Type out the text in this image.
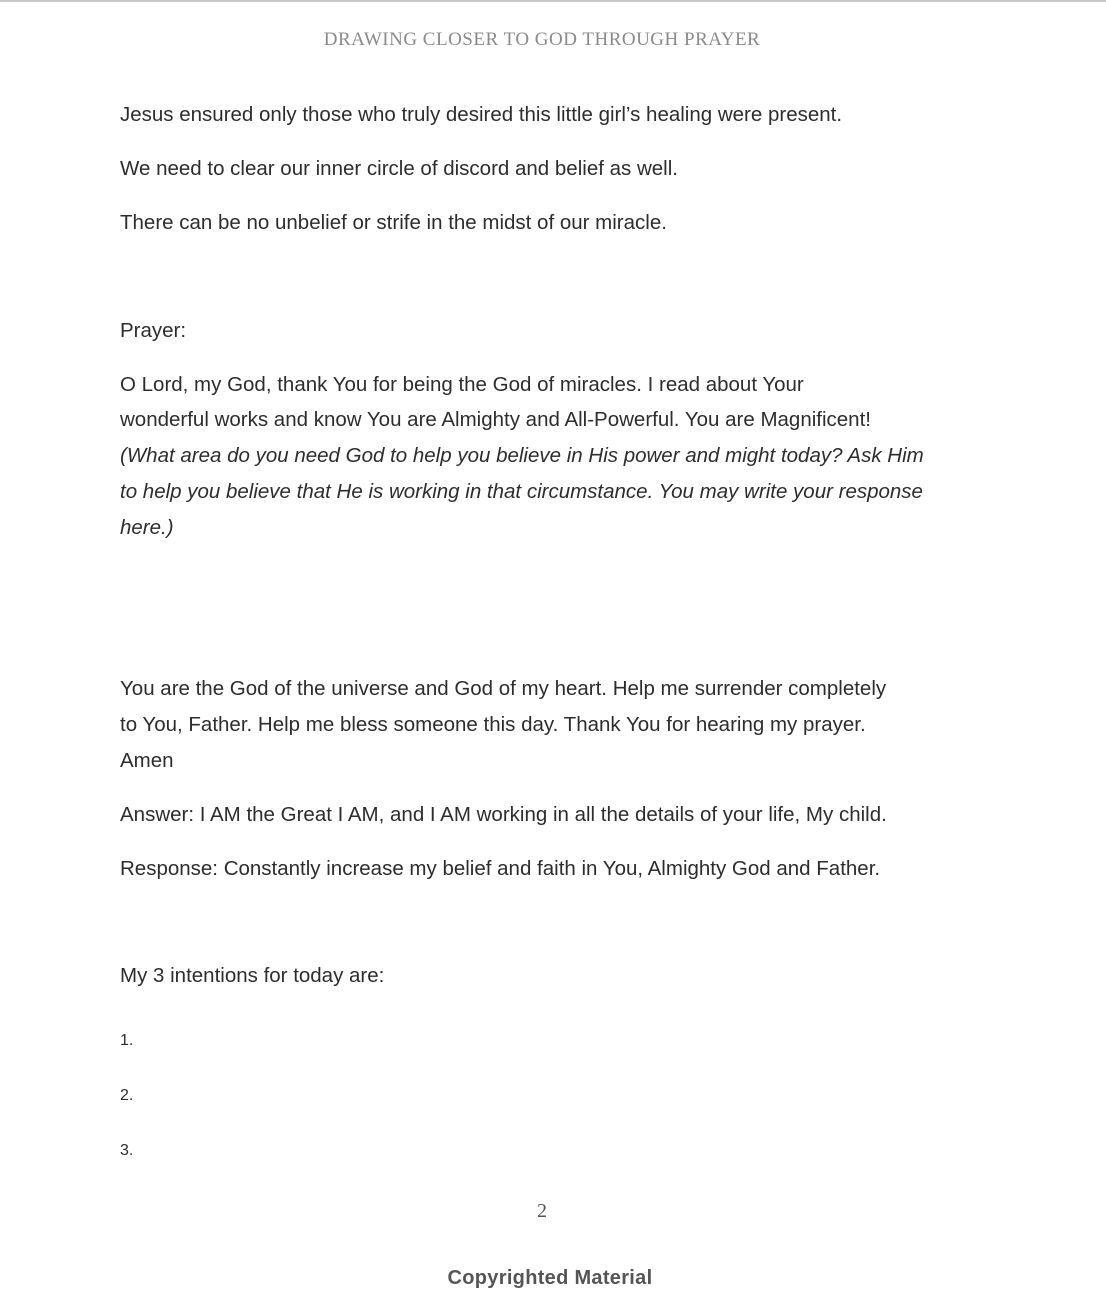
DRAWING CLOSER TO GOD THROUGH PRAYER
Jesus ensured only those who truly desired this little girl’s healing were present.
We need to clear our inner circle of discord and belief as well.
There can be no unbelief or strife in the midst of our miracle.
Prayer:
O Lord, my God, thank You for being the God of miracles. I read about Your
wonderful works and know You are Almighty and All-Powerful. You are Magnificent!
(What area do you need God to help you believe in His power and might today? Ask Him
to help you believe that He is working in that circumstance. You may write your response
here.)
You are the God of the universe and God of my heart. Help me surrender completely
to You, Father. Help me bless someone this day. Thank You for hearing my prayer.
Amen
Answer: I AM the Great I AM, and I AM working in all the details of your life, My child.
Response: Constantly increase my belief and faith in You, Almighty God and Father.
My 3 intentions for today are:
1.
2.
3.
2
Copyrighted Material
